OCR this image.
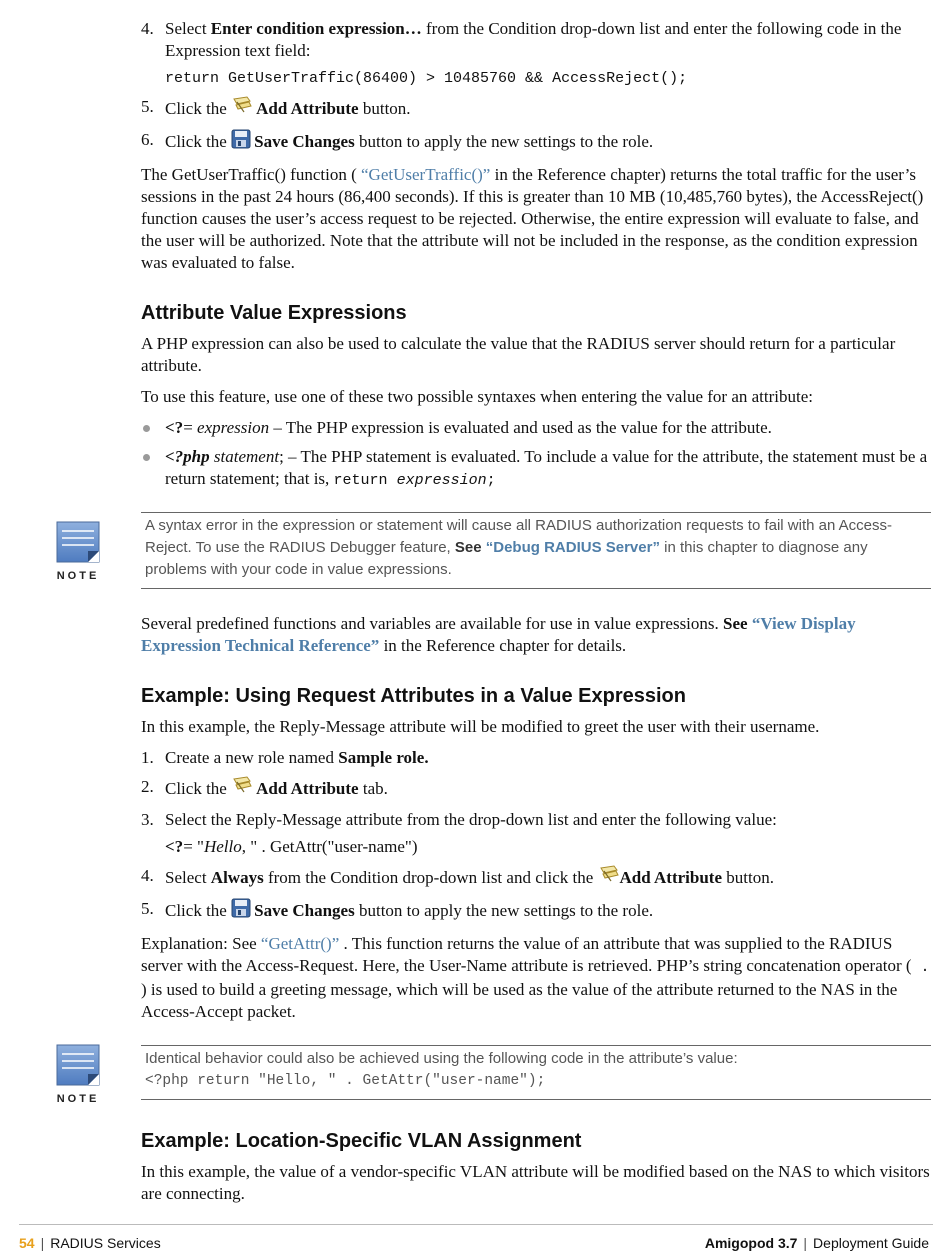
4. Select Enter condition expression… from the Condition drop-down list and enter the following code in the Expression text field:
return GetUserTraffic(86400) > 10485760 && AccessReject();
5. Click the Add Attribute button.
6. Click the Save Changes button to apply the new settings to the role.

The GetUserTraffic() function ( “GetUserTraffic()” in the Reference chapter) returns the total traffic for the user’s sessions in the past 24 hours (86,400 seconds). If this is greater than 10 MB (10,485,760 bytes), the AccessReject() function causes the user’s access request to be rejected. Otherwise, the entire expression will evaluate to false, and the user will be authorized. Note that the attribute will not be included in the response, as the condition expression was evaluated to false.

Attribute Value Expressions

A PHP expression can also be used to calculate the value that the RADIUS server should return for a particular attribute.

To use this feature, use one of these two possible syntaxes when entering the value for an attribute:

<?= expression – The PHP expression is evaluated and used as the value for the attribute.
<?php statement; – The PHP statement is evaluated. To include a value for the attribute, the statement must be a return statement; that is, return expression;
NOTE
A syntax error in the expression or statement will cause all RADIUS authorization requests to fail with an Access-Reject. To use the RADIUS Debugger feature, See “Debug RADIUS Server” in this chapter to diagnose any problems with your code in value expressions.

Several predefined functions and variables are available for use in value expressions. See “View Display Expression Technical Reference” in the Reference chapter for details.

Example: Using Request Attributes in a Value Expression

In this example, the Reply-Message attribute will be modified to greet the user with their username.

1. Create a new role named Sample role.
2. Click the Add Attribute tab.
3. Select the Reply-Message attribute from the drop-down list and enter the following value:
<?= "Hello, " . GetAttr("user-name")
4. Select Always from the Condition drop-down list and click the Add Attribute button.
5. Click the Save Changes button to apply the new settings to the role.

Explanation: See “GetAttr()” . This function returns the value of an attribute that was supplied to the RADIUS server with the Access-Request. Here, the User-Name attribute is retrieved. PHP’s string concatenation operator ( . ) is used to build a greeting message, which will be used as the value of the attribute returned to the NAS in the Access-Accept packet.

NOTE
Identical behavior could also be achieved using the following code in the attribute’s value:
<?php return "Hello, " . GetAttr("user-name");
Example: Location-Specific VLAN Assignment

In this example, the value of a vendor-specific VLAN attribute will be modified based on the NAS to which visitors are connecting.

54 | RADIUS Services	Amigopod 3.7 | Deployment Guide
